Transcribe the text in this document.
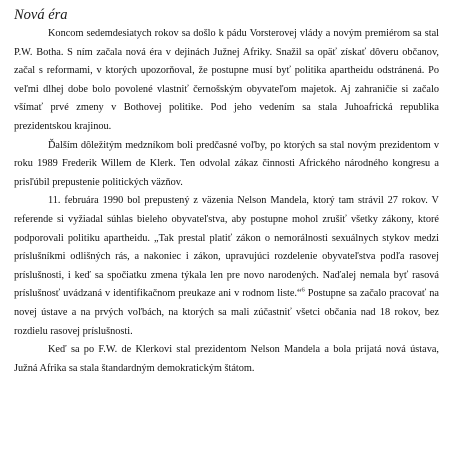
Nová éra

Koncom sedemdesiatych rokov sa došlo k pádu Vorsterovej vlády a novým premiérom sa stal P.W. Botha. S ním začala nová éra v dejinách Južnej Afriky. Snažil sa opäť získať dôveru občanov, začal s reformami, v ktorých upozorňoval, že postupne musí byť politika apartheidu odstránená. Po veľmi dlhej dobe bolo povolené vlastniť černošským obyvateľom majetok. Aj zahraničie si začalo všímať prvé zmeny v Bothovej politike. Pod jeho vedením sa stala Juhoafrická republika prezidentskou krajinou.

Ďalším dôležitým medzníkom boli predčasné voľby, po ktorých sa stal novým prezidentom v roku 1989 Frederik Willem de Klerk. Ten odvolal zákaz činnosti Afrického národného kongresu a prisľúbil prepustenie politických väzňov.

11. februára 1990 bol prepustený z väzenia Nelson Mandela, ktorý tam strávil 27 rokov. V referende si vyžiadal súhlas bieleho obyvateľstva, aby postupne mohol zrušiť všetky zákony, ktoré podporovali politiku apartheidu. „Tak prestal platiť zákon o nemorálnosti sexuálnych stykov medzi príslušníkmi odlišných rás, a nakoniec i zákon, upravujúci rozdelenie obyvateľstva podľa rasovej príslušnosti, i keď sa spočiatku zmena týkala len pre novo narodených. Naďalej nemala byť rasová príslušnosť uvádzaná v identifikačnom preukaze ani v rodnom liste.“$^6$ Postupne sa začalo pracovať na novej ústave a na prvých voľbách, na ktorých sa mali zúčastniť všetci občania nad 18 rokov, bez rozdielu rasovej príslušnosti.

Keď sa po F.W. de Klerkovi stal prezidentom Nelson Mandela a bola prijatá nová ústava, Južná Afrika sa stala štandardným demokratickým štátom.
